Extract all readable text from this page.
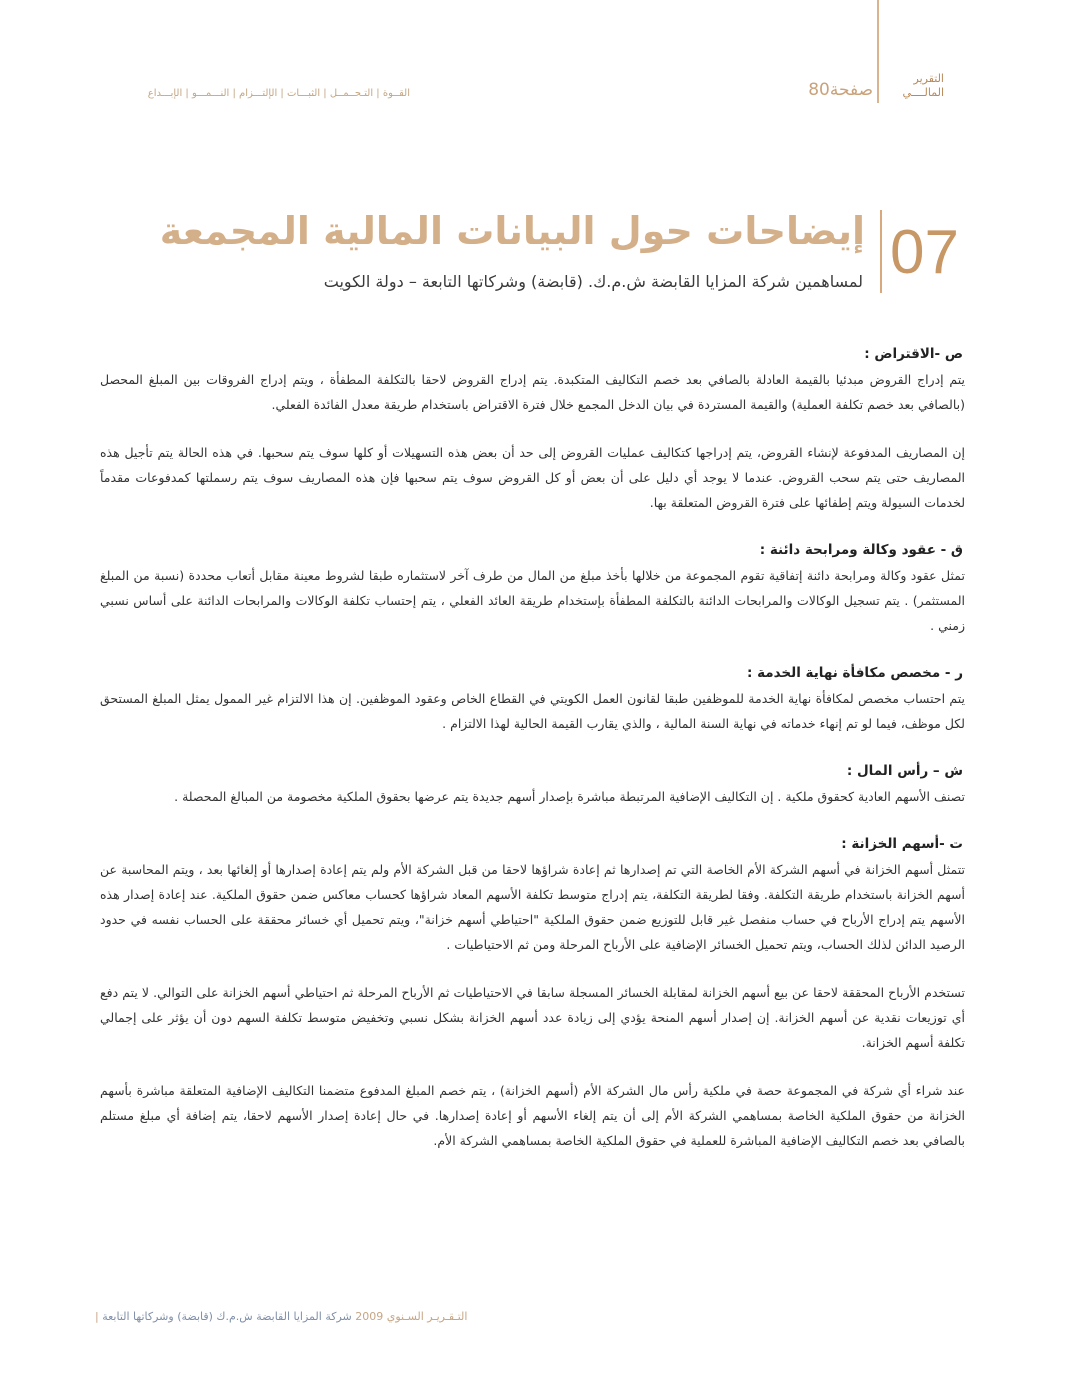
التقرير
المالــــي
صفحة80
القــوة | التـحــمــل | الثبـــات | الإلتـــزام | النـــمـــو | الإبـــداع
07
إيضاحات حول البيانات المالية المجمعة
لمساهمين شركة المزايا القابضة ش.م.ك. (قابضة) وشركاتها التابعة – دولة الكويت
ص -الاقتراض :

يتم إدراج القروض مبدئيا بالقيمة العادلة بالصافي بعد خصم التكاليف المتكبدة. يتم إدراج القروض لاحقا بالتكلفة المطفأة ، ويتم إدراج الفروقات بين المبلغ المحصل (بالصافي بعد خصم تكلفة العملية) والقيمة المستردة في بيان الدخل المجمع خلال فترة الاقتراض باستخدام طريقة معدل الفائدة الفعلي.

إن المصاريف المدفوعة لإنشاء القروض، يتم إدراجها كتكاليف عمليات القروض إلى حد أن بعض هذه التسهيلات أو كلها سوف يتم سحبها. في هذه الحالة يتم تأجيل هذه المصاريف حتى يتم سحب القروض. عندما لا يوجد أي دليل على أن بعض أو كل القروض سوف يتم سحبها فإن هذه المصاريف سوف يتم رسملتها كمدفوعات مقدماً لخدمات السيولة ويتم إطفائها على فترة القروض المتعلقة بها.

ق - عقود وكالة ومرابحة دائنة :

تمثل عقود وكالة ومرابحة دائنة إتفاقية تقوم المجموعة من خلالها بأخذ مبلغ من المال من طرف آخر لاستثماره طبقا لشروط معينة مقابل أتعاب محددة (نسبة من المبلغ المستثمر) . يتم تسجيل الوكالات والمرابحات الدائنة بالتكلفة المطفأة بإستخدام طريقة العائد الفعلي ، يتم إحتساب تكلفة الوكالات والمرابحات الدائنة على أساس نسبي زمني .

ر - مخصص مكافأة نهاية الخدمة :

يتم احتساب مخصص لمكافأة نهاية الخدمة للموظفين طبقا لقانون العمل الكويتي في القطاع الخاص وعقود الموظفين. إن هذا الالتزام غير الممول يمثل المبلغ المستحق لكل موظف، فيما لو تم إنهاء خدماته في نهاية السنة المالية ، والذي يقارب القيمة الحالية لهذا الالتزام .

ش – رأس المال :

تصنف الأسهم العادية كحقوق ملكية . إن التكاليف الإضافية المرتبطة مباشرة بإصدار أسهم جديدة يتم عرضها بحقوق الملكية مخصومة من المبالغ المحصلة .

ت -أسهم الخزانة :

تتمثل أسهم الخزانة في أسهم الشركة الأم الخاصة التي تم إصدارها ثم إعادة شراؤها لاحقا من قبل الشركة الأم ولم يتم إعادة إصدارها أو إلغائها بعد ، ويتم المحاسبة عن أسهم الخزانة باستخدام طريقة التكلفة. وفقا لطريقة التكلفة، يتم إدراج متوسط تكلفة الأسهم المعاد شراؤها كحساب معاكس ضمن حقوق الملكية. عند إعادة إصدار هذه الأسهم يتم إدراج الأرباح في حساب منفصل غير قابل للتوزيع ضمن حقوق الملكية "احتياطي أسهم خزانة"، ويتم تحميل أي خسائر محققة على الحساب نفسه في حدود الرصيد الدائن لذلك الحساب، ويتم تحميل الخسائر الإضافية على الأرباح المرحلة ومن ثم الاحتياطيات .

تستخدم الأرباح المحققة لاحقا عن بيع أسهم الخزانة لمقابلة الخسائر المسجلة سابقا في الاحتياطيات ثم الأرباح المرحلة ثم احتياطي أسهم الخزانة على التوالي. لا يتم دفع أي توزيعات نقدية عن أسهم الخزانة. إن إصدار أسهم المنحة يؤدي إلى زيادة عدد أسهم الخزانة بشكل نسبي وتخفيض متوسط تكلفة السهم دون أن يؤثر على إجمالي تكلفة أسهم الخزانة.

عند شراء أي شركة في المجموعة حصة في ملكية رأس مال الشركة الأم (أسهم الخزانة) ، يتم خصم المبلغ المدفوع متضمنا التكاليف الإضافية المتعلقة مباشرة بأسهم الخزانة من حقوق الملكية الخاصة بمساهمي الشركة الأم إلى أن يتم إلغاء الأسهم أو إعادة إصدارها. في حال إعادة إصدار الأسهم لاحقا، يتم إضافة أي مبلغ مستلم بالصافي بعد خصم التكاليف الإضافية المباشرة للعملية في حقوق الملكية الخاصة بمساهمي الشركة الأم.

| التـقـريـر السـنوي 2009 شركة المزايا القابضة ش.م.ك (قابضة) وشركاتها التابعة
